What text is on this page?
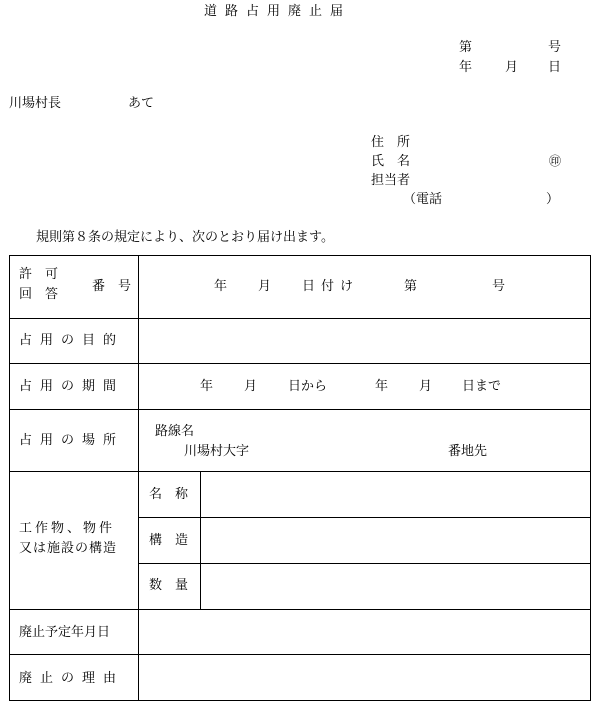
道路占用廃止届
第	号
年	月 日
川場村長	あて
住　所
氏　名	㊞
担当者
（電話	）
規則第８条の規定により、次のとおり届け出ます。
許　可
回　答
番　号	年 月 日付け	第	号
占用の目的
占用の期間	年 月 日から	年 月 日まで
占用の場所
路線名
川場村大字	番地先
工作物、物件
又は施設の構造
名　称
構　造
数　量
廃止予定年月日
廃止の理由
